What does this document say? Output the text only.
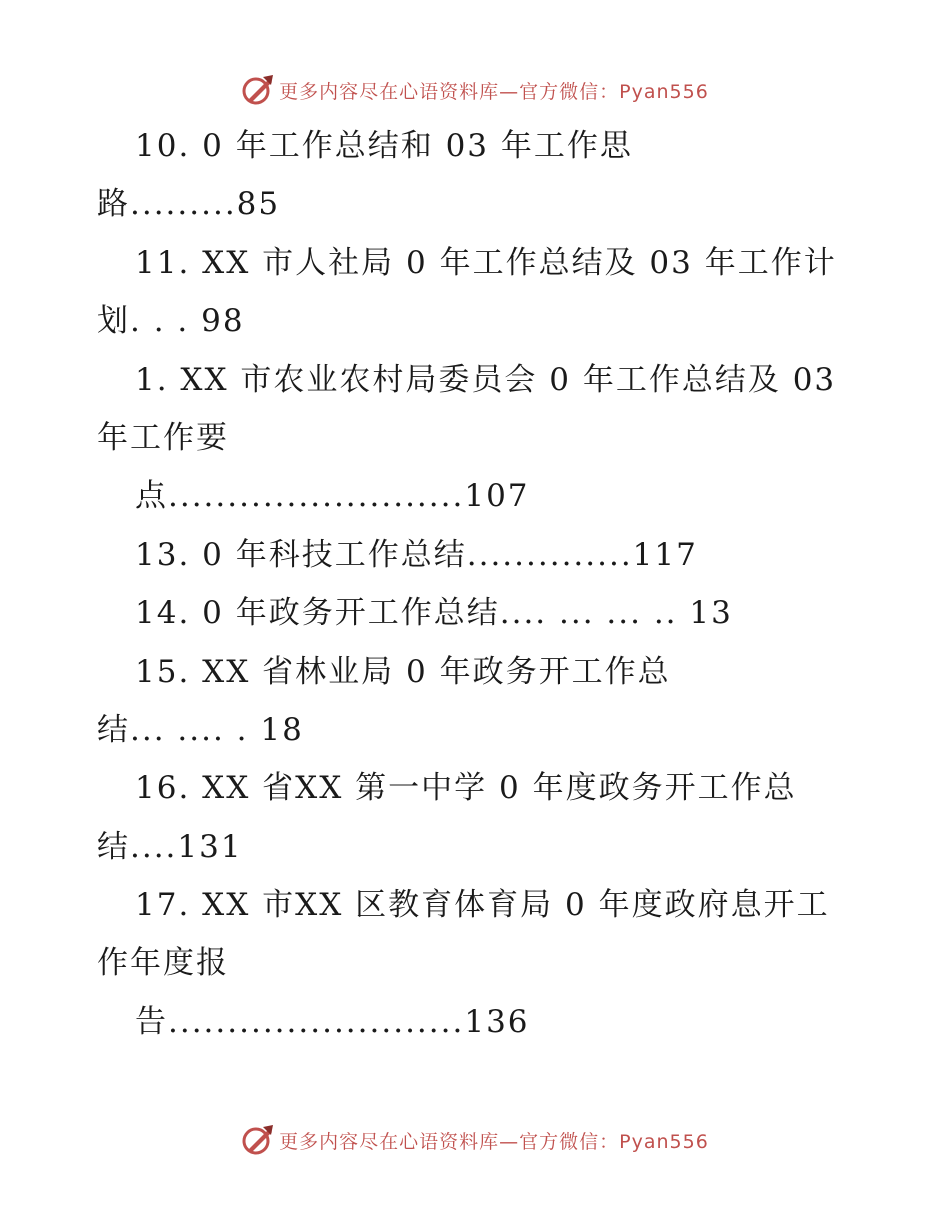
更多内容尽在心语资料库—官方微信：Pyan556
10. 0 年工作总结和 03 年工作思
路.........85
11. XX 市人社局 0 年工作总结及 03 年工作计
划. . . 98
1. XX 市农业农村局委员会 0 年工作总结及 03
年工作要
点.........................107
13. 0 年科技工作总结..............117
14. 0 年政务开工作总结.... ... ... .. 13
15. XX 省林业局 0 年政务开工作总
结... .... . 18
16. XX 省XX 第一中学 0 年度政务开工作总
结....131
17. XX 市XX 区教育体育局 0 年度政府息开工
作年度报
告.........................136
更多内容尽在心语资料库—官方微信：Pyan556
